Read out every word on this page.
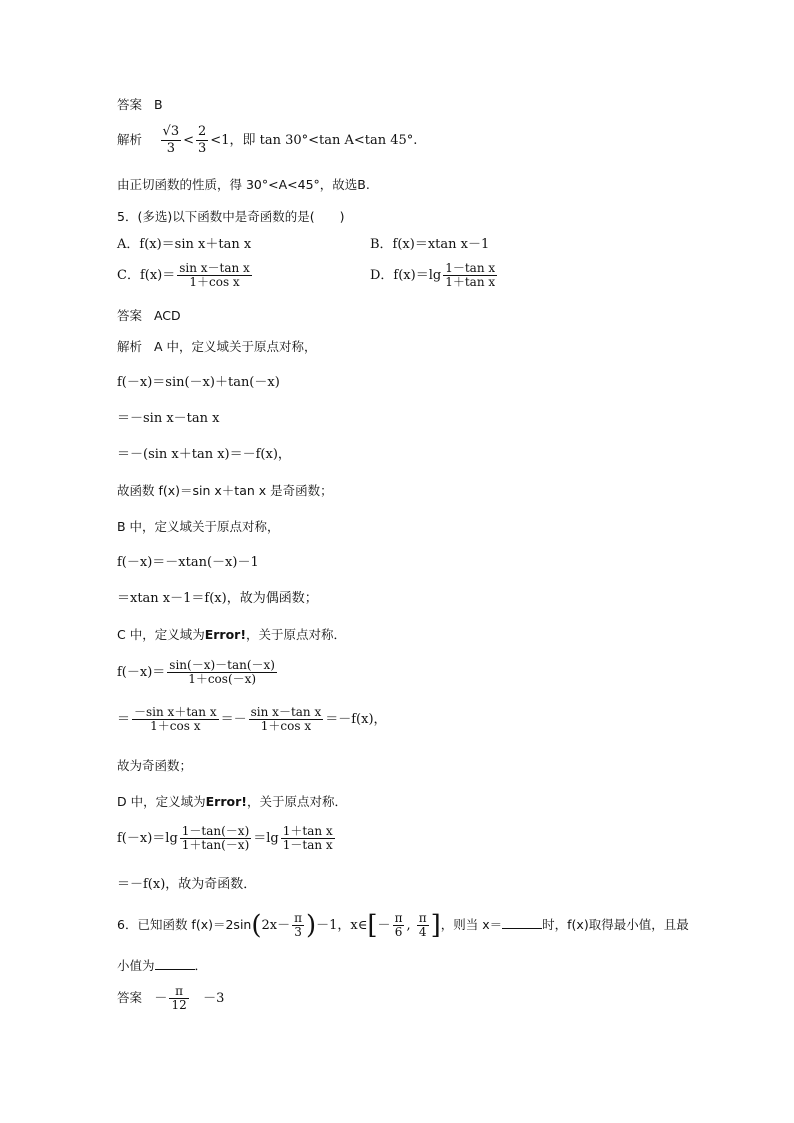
答案 B
解析 $\frac{√3}{3} < \frac{2}{3} <1$，即 tan 30°<tan A<tan 45°.
由正切函数的性质，得 30°<A<45°，故选B.
5．(多选)以下函数中是奇函数的是(　　)
A．f(x)＝sin x＋tan x	B．f(x)＝xtan x－1
C．$f(x)= \frac{\text{sin x－tan x}}{\text{1＋cos x}}$	D．$f(x)=\lg \frac{\text{1－tan x}}{\text{1＋tan x}}$
答案 ACD
解析 A 中，定义域关于原点对称，
f(－x)＝sin(－x)＋tan(－x)
＝－sin x－tan x
＝－(sin x＋tan x)＝－f(x)，
故函数 f(x)＝sin x＋tan x 是奇函数；
B 中，定义域关于原点对称，
f(－x)＝－xtan(－x)－1
＝xtan x－1＝f(x)，故为偶函数；
C 中，定义域为Error!，关于原点对称．
$f(-x)= \frac{\sin(-x)-\tan(-x)}{1+\cos(-x)}$
＝ $\frac{\text{－sin x＋tan x}}{\text{1＋cos x}} =- \frac{\text{sin x－tan x}}{\text{1＋cos x}} =-f(x)$，
故为奇函数；
D 中，定义域为Error!，关于原点对称．
$f(-x)=\lg \frac{1-\tan(-x)}{1+\tan(-x)} =\lg \frac{\text{1＋tan x}}{\text{1－tan x}}$
＝－f(x)，故为奇函数．
6．已知函数 $f(x)=2\sin(2x- \frac{\pi}{3} )-1$，x∈[－ $\frac{\pi}{6}$ , $\frac{\pi}{4}$ ]，则当 x＝	时，f(x)取得最小值，且最
小值为	．
答案 － $\frac{\pi}{12} -3$
